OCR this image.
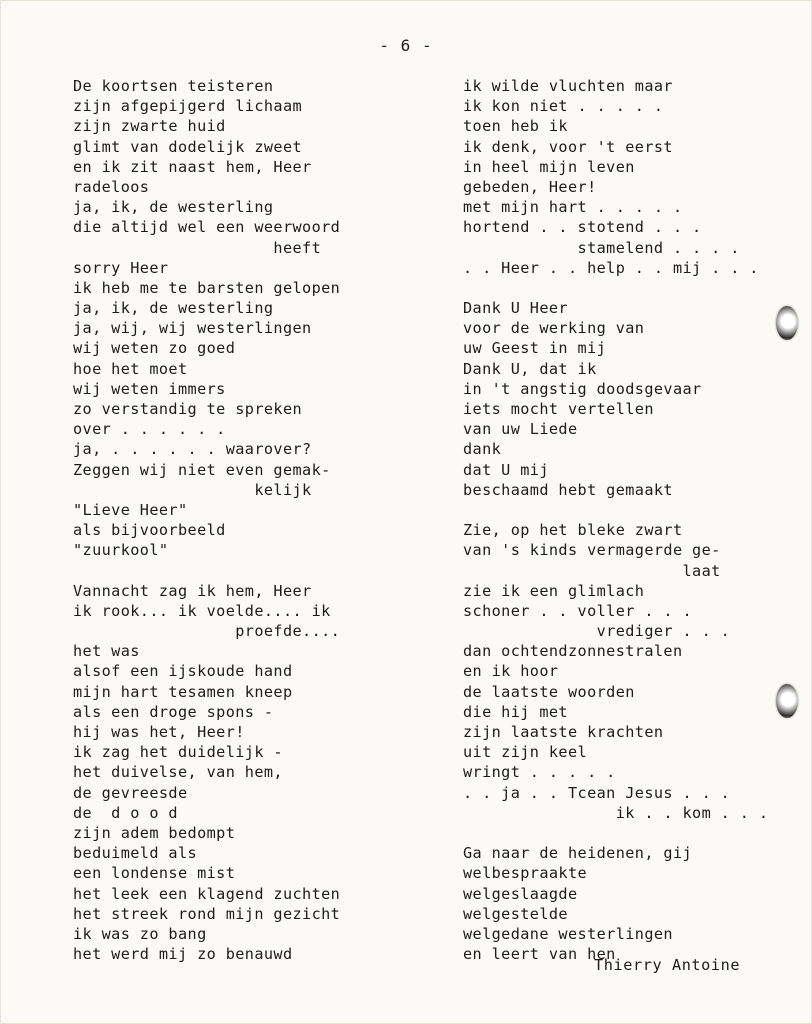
- 6 -
De koortsen teisteren
zijn afgepijgerd lichaam
zijn zwarte huid
glimt van dodelijk zweet
en ik zit naast hem, Heer
radeloos
ja, ik, de westerling
die altijd wel een weerwoord
heeft
sorry Heer
ik heb me te barsten gelopen
ja, ik, de westerling
ja, wij, wij westerlingen
wij weten zo goed
hoe het moet
wij weten immers
zo verstandig te spreken
over . . . . . .
ja, . . . . . . waarover?
Zeggen wij niet even gemak-
kelijk
"Lieve Heer"
als bijvoorbeeld
"zuurkool"
Vannacht zag ik hem, Heer
ik rook... ik voelde.... ik
proefde....
het was
alsof een ijskoude hand
mijn hart tesamen kneep
als een droge spons -
hij was het, Heer!
ik zag het duidelijk -
het duivelse, van hem,
de gevreesde
de  d o o d
zijn adem bedompt
beduimeld als
een londense mist
het leek een klagend zuchten
het streek rond mijn gezicht
ik was zo bang
het werd mij zo benauwd
ik wilde vluchten maar
ik kon niet . . . . .
toen heb ik
ik denk, voor 't eerst
in heel mijn leven
gebeden, Heer!
met mijn hart . . . . .
hortend . . stotend . . .
stamelend . . . .
. . Heer . . help . . mij . . .
Dank U Heer
voor de werking van
uw Geest in mij
Dank U, dat ik
in 't angstig doodsgevaar
iets mocht vertellen
van uw Liede
dank
dat U mij
beschaamd hebt gemaakt
Zie, op het bleke zwart
van 's kinds vermagerde ge-
laat
zie ik een glimlach
schoner . . voller . . .
vrediger . . .
dan ochtendzonnestralen
en ik hoor
de laatste woorden
die hij met
zijn laatste krachten
uit zijn keel
wringt . . . . .
. . ja . . Tcean Jesus . . .
ik . . kom . . .
Ga naar de heidenen, gij
welbespraakte
welgeslaagde
welgestelde
welgedane westerlingen
en leert van hen
Thierry Antoine
